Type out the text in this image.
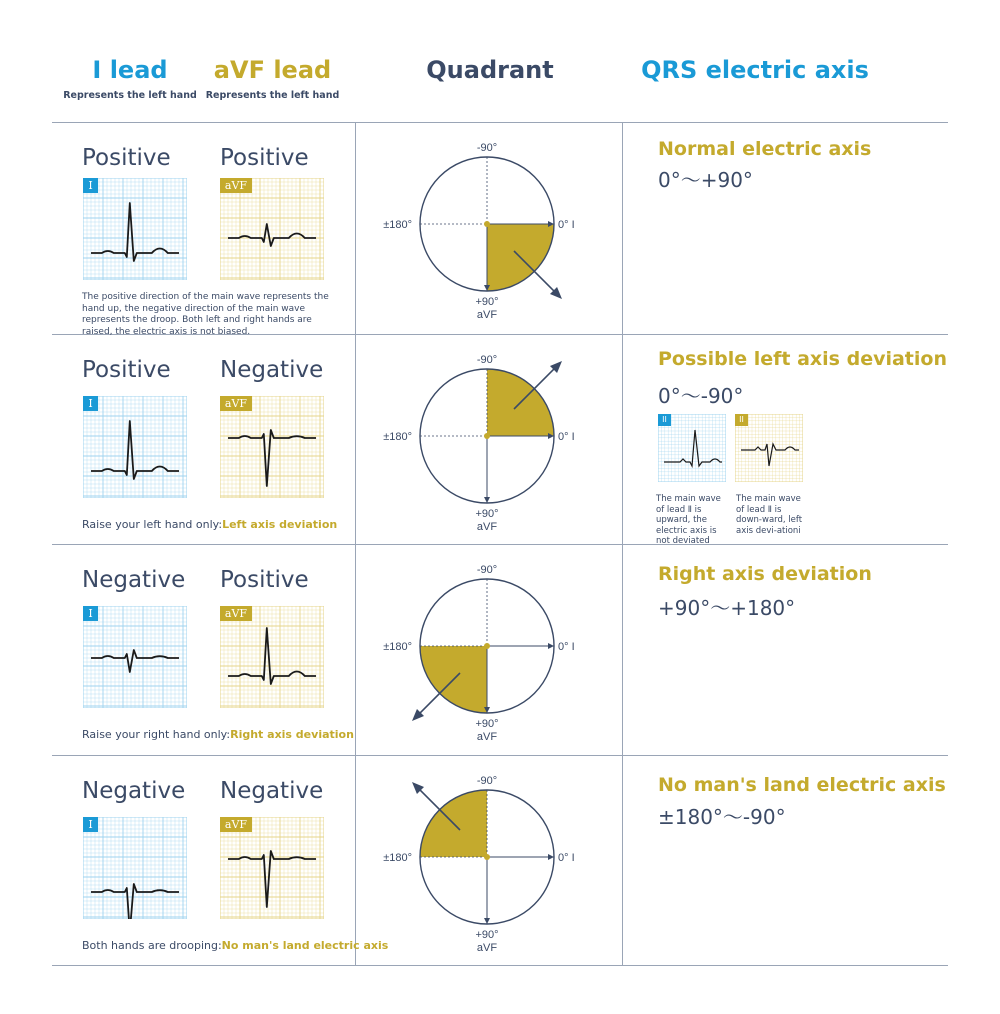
I lead
Represents the left hand
aVF lead
Represents the left hand
Quadrant	QRS electric axis
Positive Positive
I	aVF
The positive direction of the main wave represents the hand up, the negative direction of the main wave represents the droop. Both left and right hands are raised, the electric axis is not biased.
-90°
±180°	0° I
+90°
aVF
Normal electric axis
0°～+90°
Positive Negative
I	aVF
Raise your left hand only:Left axis deviation
-90°
±180°	0° I
+90°
aVF
Possible left axis deviation
0°～-90°
II	II
The main wave of lead Ⅱ is upward, the electric axis is not deviated
The main wave of lead Ⅱ is down-ward, left axis devi-ationi
Negative Positive
I	aVF
Raise your right hand only:Right axis deviation
-90°
±180°	0° I
+90°
aVF
Right axis deviation
+90°～+180°
Negative Negative
I	aVF
Both hands are drooping:No man's land electric axis
-90°
±180°	0° I
+90°
aVF
No man's land electric axis
±180°～-90°
